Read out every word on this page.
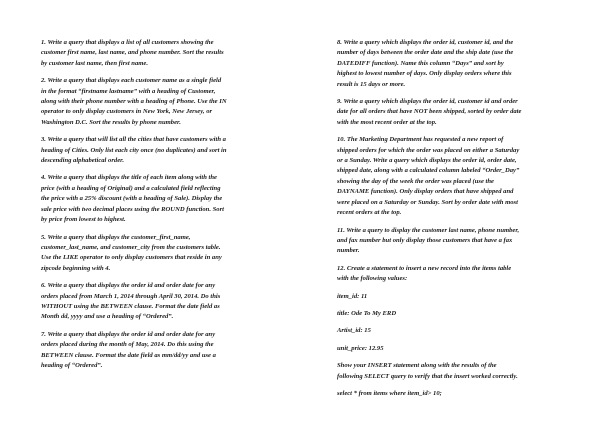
1. Write a query that displays a list of all customers showing the
customer first name, last name, and phone number. Sort the results
by customer last name, then first name.
2. Write a query that displays each customer name as a single field
in the format “firstname lastname” with a heading of Customer,
along with their phone number with a heading of Phone. Use the IN
operator to only display customers in New York, New Jersey, or
Washington D.C. Sort the results by phone number.
3. Write a query that will list all the cities that have customers with a
heading of Cities. Only list each city once (no duplicates) and sort in
descending alphabetical order.
4. Write a query that displays the title of each item along with the
price (with a heading of Original) and a calculated field reflecting
the price with a 25% discount (with a heading of Sale). Display the
sale price with two decimal places using the ROUND function. Sort
by price from lowest to highest.
5. Write a query that displays the customer_first_name,
customer_last_name, and customer_city from the customers table.
Use the LIKE operator to only display customers that reside in any
zipcode beginning with 4.
6. Write a query that displays the order id and order date for any
orders placed from March 1, 2014 through April 30, 2014. Do this
WITHOUT using the BETWEEN clause. Format the date field as
Month dd, yyyy and use a heading of “Ordered”.
7. Write a query that displays the order id and order date for any
orders placed during the month of May, 2014. Do this using the
BETWEEN clause. Format the date field as mm/dd/yy and use a
heading of “Ordered”.
8. Write a query which displays the order id, customer id, and the
number of days between the order date and the ship date (use the
DATEDIFF function). Name this column “Days” and sort by
highest to lowest number of days. Only display orders where this
result is 15 days or more.
9. Write a query which displays the order id, customer id and order
date for all orders that have NOT been shipped, sorted by order date
with the most recent order at the top.
10. The Marketing Department has requested a new report of
shipped orders for which the order was placed on either a Saturday
or a Sunday. Write a query which displays the order id, order date,
shipped date, along with a calculated column labeled “Order_Day”
showing the day of the week the order was placed (use the
DAYNAME function). Only display orders that have shipped and
were placed on a Saturday or Sunday. Sort by order date with most
recent orders at the top.
11. Write a query to display the customer last name, phone number,
and fax number but only display those customers that have a fax
number.
12. Create a statement to insert a new record into the items table
with the following values:
item_id: 11
title: Ode To My ERD
Artist_id: 15
unit_price: 12.95
Show your INSERT statement along with the results of the
following SELECT query to verify that the insert worked correctly.
select * from items where item_id> 10;
